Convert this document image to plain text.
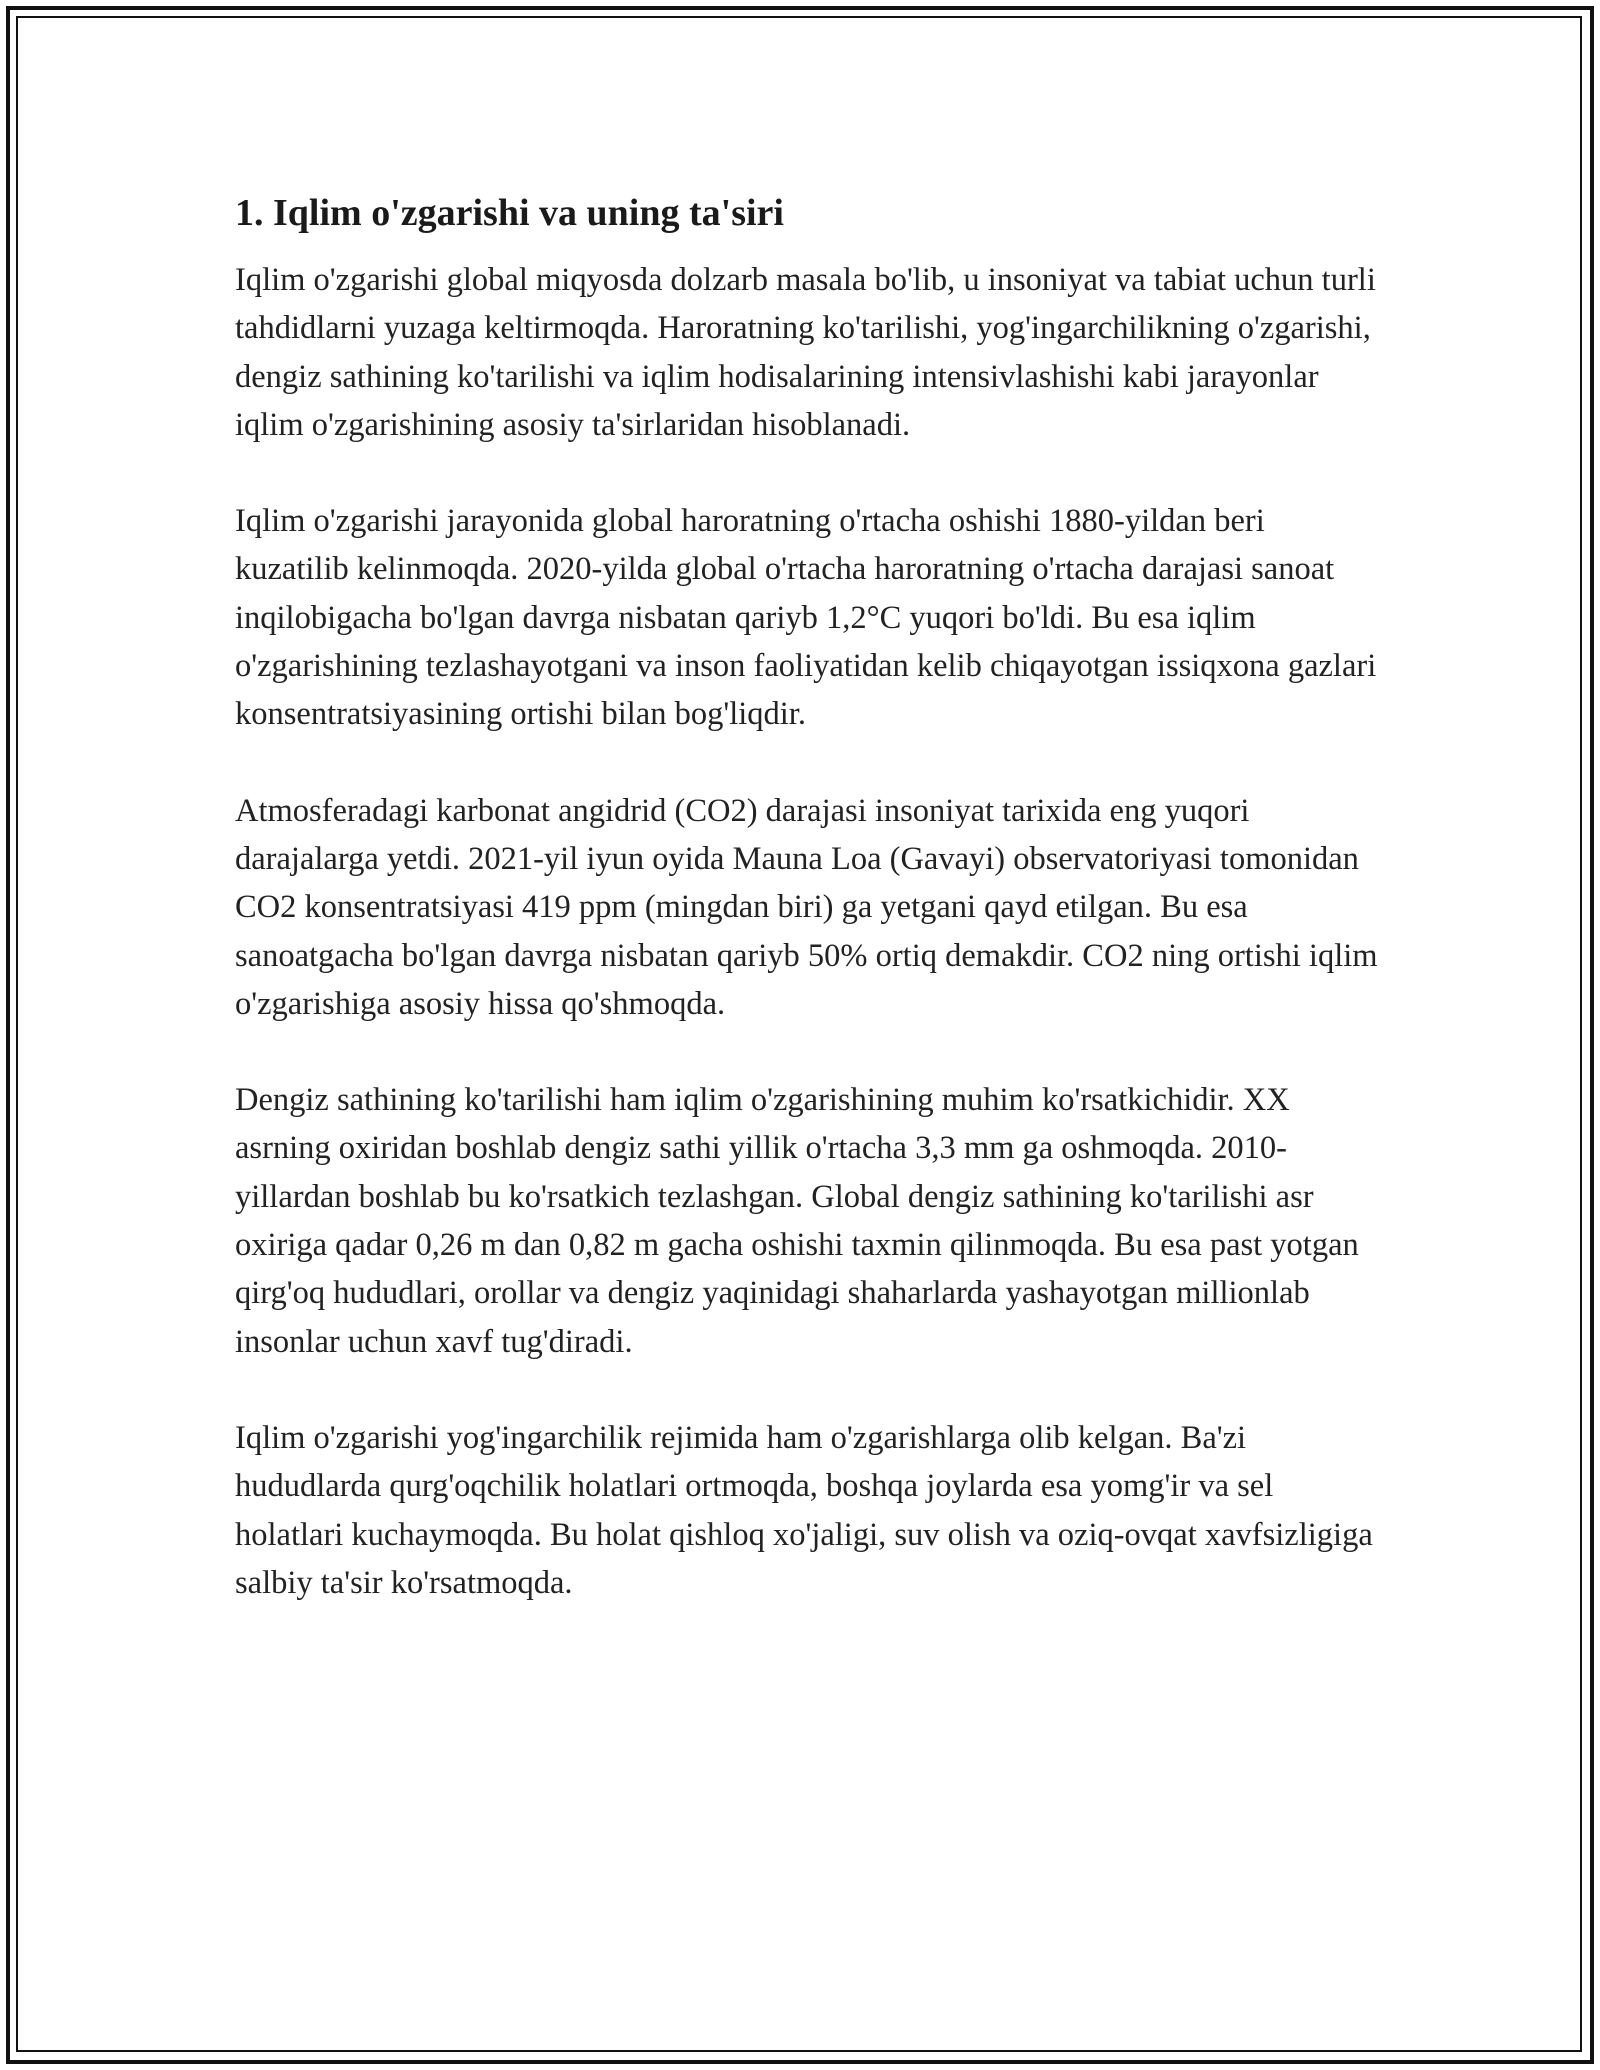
1. Iqlim o'zgarishi va uning ta'siri

Iqlim o'zgarishi global miqyosda dolzarb masala bo'lib, u insoniyat va tabiat uchun turli tahdidlarni yuzaga keltirmoqda. Haroratning ko'tarilishi, yog'ingarchilikning o'zgarishi, dengiz sathining ko'tarilishi va iqlim hodisalarining intensivlashishi kabi jarayonlar iqlim o'zgarishining asosiy ta'sirlaridan hisoblanadi.

Iqlim o'zgarishi jarayonida global haroratning o'rtacha oshishi 1880-yildan beri kuzatilib kelinmoqda. 2020-yilda global o'rtacha haroratning o'rtacha darajasi sanoat inqilobigacha bo'lgan davrga nisbatan qariyb 1,2°C yuqori bo'ldi. Bu esa iqlim o'zgarishining tezlashayotgani va inson faoliyatidan kelib chiqayotgan issiqxona gazlari konsentratsiyasining ortishi bilan bog'liqdir.

Atmosferadagi karbonat angidrid (CO2) darajasi insoniyat tarixida eng yuqori darajalarga yetdi. 2021-yil iyun oyida Mauna Loa (Gavayi) observatoriyasi tomonidan CO2 konsentratsiyasi 419 ppm (mingdan biri) ga yetgani qayd etilgan. Bu esa sanoatgacha bo'lgan davrga nisbatan qariyb 50% ortiq demakdir. CO2 ning ortishi iqlim o'zgarishiga asosiy hissa qo'shmoqda.

Dengiz sathining ko'tarilishi ham iqlim o'zgarishining muhim ko'rsatkichidir. XX asrning oxiridan boshlab dengiz sathi yillik o'rtacha 3,3 mm ga oshmoqda. 2010-yillardan boshlab bu ko'rsatkich tezlashgan. Global dengiz sathining ko'tarilishi asr oxiriga qadar 0,26 m dan 0,82 m gacha oshishi taxmin qilinmoqda. Bu esa past yotgan qirg'oq hududlari, orollar va dengiz yaqinidagi shaharlarda yashayotgan millionlab insonlar uchun xavf tug'diradi.

Iqlim o'zgarishi yog'ingarchilik rejimida ham o'zgarishlarga olib kelgan. Ba'zi hududlarda qurg'oqchilik holatlari ortmoqda, boshqa joylarda esa yomg'ir va sel holatlari kuchaymoqda. Bu holat qishloq xo'jaligi, suv olish va oziq-ovqat xavfsizligiga salbiy ta'sir ko'rsatmoqda.
